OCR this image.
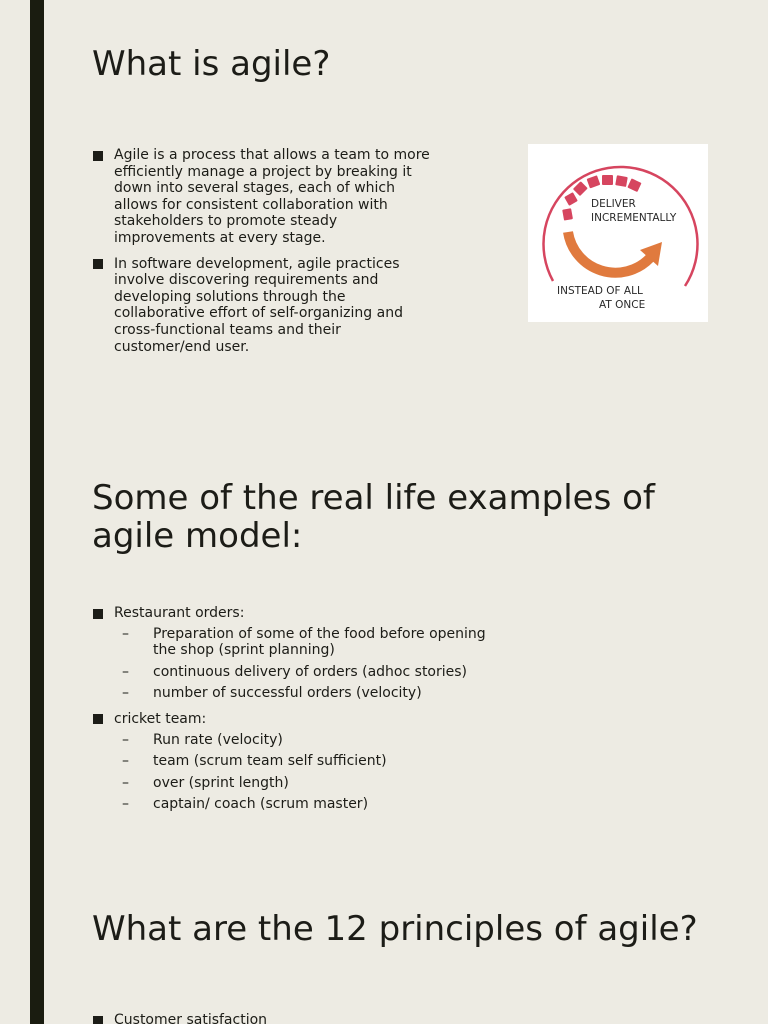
What is agile?
Agile is a process that allows a team to more efficiently manage a project by breaking it down into several stages, each of which allows for consistent collaboration with stakeholders to promote steady improvements at every stage.
In software development, agile practices involve discovering requirements and developing solutions through the collaborative effort of self-organizing and cross-functional teams and their customer/end user.
DELIVER
INCREMENTALLY
INSTEAD OF ALL
AT ONCE
Some of the real life examples of agile model:
Restaurant orders:
– Preparation of some of the food before opening the shop (sprint planning)
– continuous delivery of orders (adhoc stories)
– number of successful orders (velocity)
cricket team:
– Run rate (velocity)
– team (scrum team self sufficient)
– over (sprint length)
– captain/ coach (scrum master)
What are the 12 principles of agile?
Customer satisfaction
